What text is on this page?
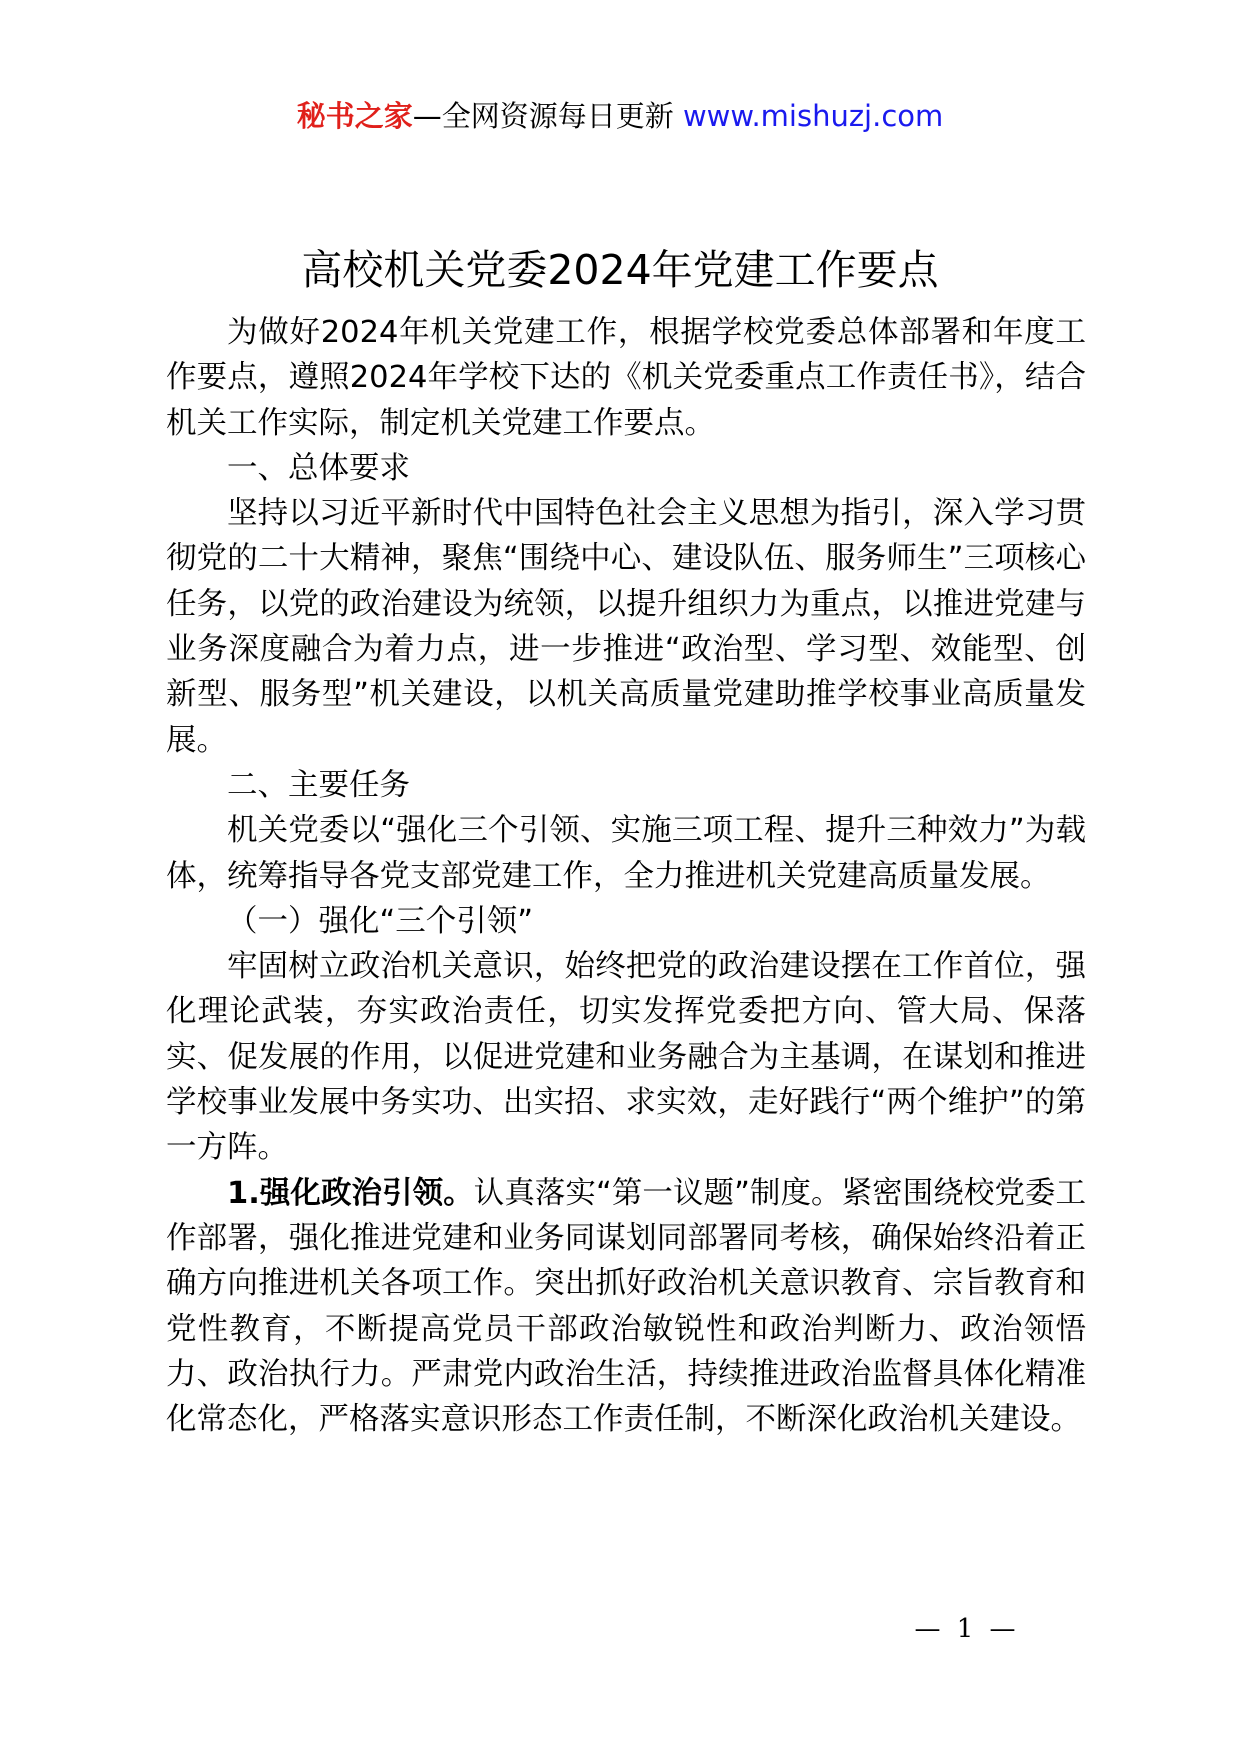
秘书之家—全网资源每日更新 www.mishuzj.com
高校机关党委2024年党建工作要点

为做好2024年机关党建工作，根据学校党委总体部署和年度工作要点，遵照2024年学校下达的《机关党委重点工作责任书》，结合机关工作实际，制定机关党建工作要点。

一、总体要求

坚持以习近平新时代中国特色社会主义思想为指引，深入学习贯彻党的二十大精神，聚焦“围绕中心、建设队伍、服务师生”三项核心任务，以党的政治建设为统领，以提升组织力为重点，以推进党建与业务深度融合为着力点，进一步推进“政治型、学习型、效能型、创新型、服务型”机关建设，以机关高质量党建助推学校事业高质量发展。

二、主要任务

机关党委以“强化三个引领、实施三项工程、提升三种效力”为载体，统筹指导各党支部党建工作，全力推进机关党建高质量发展。

（一）强化“三个引领”

牢固树立政治机关意识，始终把党的政治建设摆在工作首位，强化理论武装，夯实政治责任，切实发挥党委把方向、管大局、保落实、促发展的作用，以促进党建和业务融合为主基调，在谋划和推进学校事业发展中务实功、出实招、求实效，走好践行“两个维护”的第一方阵。

1.强化政治引领。认真落实“第一议题”制度。紧密围绕校党委工作部署，强化推进党建和业务同谋划同部署同考核，确保始终沿着正确方向推进机关各项工作。突出抓好政治机关意识教育、宗旨教育和党性教育，不断提高党员干部政治敏锐性和政治判断力、政治领悟力、政治执行力。严肃党内政治生活，持续推进政治监督具体化精准化常态化，严格落实意识形态工作责任制，不断深化政治机关建设。

— 1 —
